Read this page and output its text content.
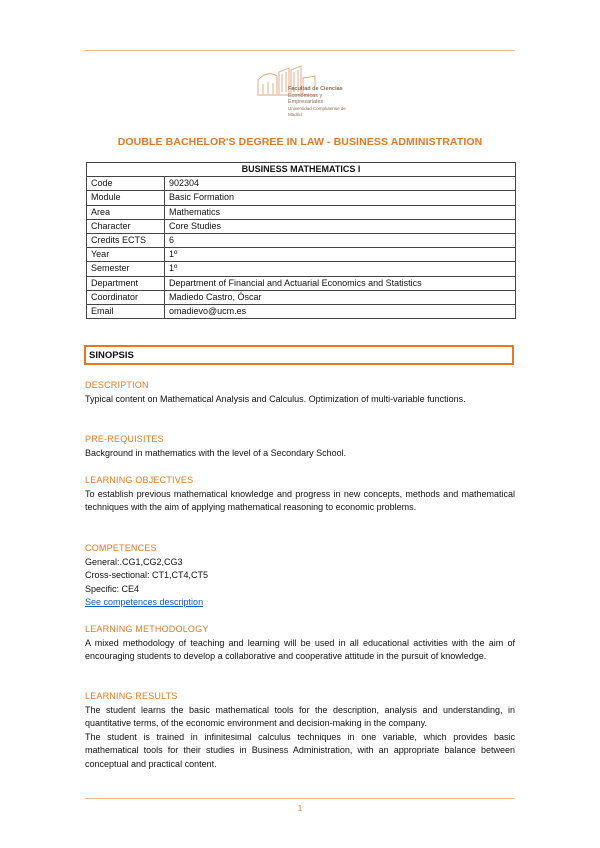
Facultad de Ciencias
Económicas y Empresariales
Universidad Complutense de Madrid
DOUBLE BACHELOR'S DEGREE IN LAW - BUSINESS ADMINISTRATION
BUSINESS MATHEMATICS I	
Code	902304
Module	Basic Formation
Area	Mathematics
Character	Core Studies
Credits ECTS	6
Year	1º
Semester	1º
Department	Department of Financial and Actuarial Economics and Statistics
Coordinator	Madiedo Castro, Óscar
Email	omadievo@ucm.es
SINOPSIS
DESCRIPTION
Typical content on Mathematical Analysis and Calculus. Optimization of multi-variable functions.
PRE-REQUISITES
Background in mathematics with the level of a Secondary School.
LEARNING OBJECTIVES
To establish previous mathematical knowledge and progress in new concepts, methods and mathematical techniques with the aim of applying mathematical reasoning to economic problems.
COMPETENCES
General:.CG1,CG2,CG3
Cross-sectional: CT1,CT4,CT5
Specific: CE4
See competences description
LEARNING METHODOLOGY
A mixed methodology of teaching and learning will be used in all educational activities with the aim of encouraging students to develop a collaborative and cooperative attitude in the pursuit of knowledge.
LEARNING RESULTS
The student learns the basic mathematical tools for the description, analysis and understanding, in quantitative terms, of the economic environment and decision-making in the company.
The student is trained in infinitesimal calculus techniques in one variable, which provides basic mathematical tools for their studies in Business Administration, with an appropriate balance between conceptual and practical content.
1
